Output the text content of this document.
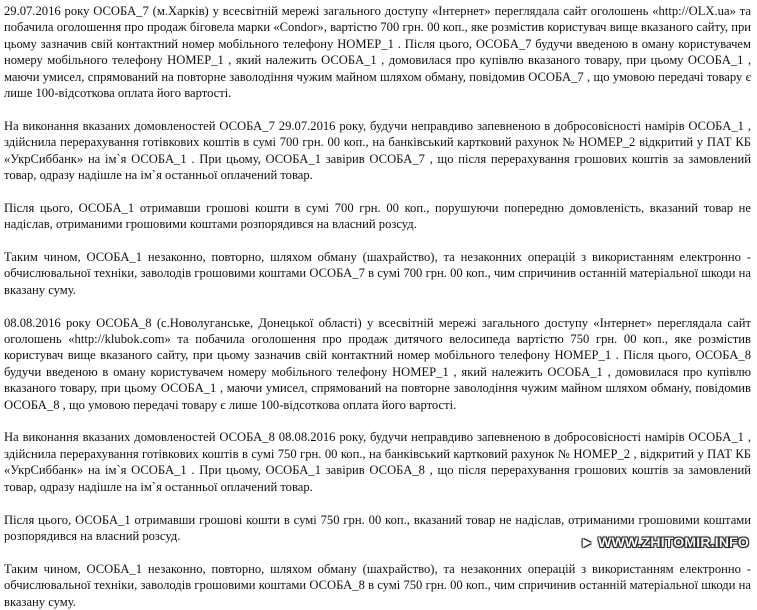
29.07.2016 року ОСОБА_7 (м.Харків) у всесвітній мережі загального доступу «Інтернет» переглядала сайт оголошень «http://OLX.ua» та побачила оголошення про продаж біговела марки «Condor», вартістю 700 грн. 00 коп., яке розмістив користувач вище вказаного сайту, при цьому зазначив свій контактний номер мобільного телефону НОМЕР_1 . Після цього, ОСОБА_7 будучи введеною в оману користувачем номеру мобільного телефону НОМЕР_1 , який належить ОСОБА_1 , домовилася про купівлю вказаного товару, при цьому ОСОБА_1 , маючи умисел, спрямований на повторне заволодіння чужим майном шляхом обману, повідомив ОСОБА_7 , що умовою передачі товару є лише 100-відсоткова оплата його вартості.

На виконання вказаних домовленостей ОСОБА_7 29.07.2016 року, будучи неправдиво запевненою в добросовісності намірів ОСОБА_1 , здійснила перерахування готівкових коштів в сумі 700 грн. 00 коп., на банківський картковий рахунок № НОМЕР_2 відкритий у ПАТ КБ «УкрСиббанк» на ім`я ОСОБА_1 . При цьому, ОСОБА_1 завірив ОСОБА_7 , що після перерахування грошових коштів за замовлений товар, одразу надішле на ім`я останньої оплачений товар.

Після цього, ОСОБА_1 отримавши грошові кошти в сумі 700 грн. 00 коп., порушуючи попередню домовленість, вказаний товар не надіслав, отриманими грошовими коштами розпорядився на власний розсуд.

Таким чином, ОСОБА_1 незаконно, повторно, шляхом обману (шахрайство), та незаконних операцій з використанням електронно - обчислювальної техніки, заволодів грошовими коштами ОСОБА_7 в сумі 700 грн. 00 коп., чим спричинив останній матеріальної шкоди на вказану суму.

08.08.2016 року ОСОБА_8 (с.Новолуганське, Донецької області) у всесвітній мережі загального доступу «Інтернет» переглядала сайт оголошень «http://klubok.com» та побачила оголошення про продаж дитячого велосипеда вартістю 750 грн. 00 коп., яке розмістив користувач вище вказаного сайту, при цьому зазначив свій контактний номер мобільного телефону НОМЕР_1 . Після цього, ОСОБА_8 будучи введеною в оману користувачем номеру мобільного телефону НОМЕР_1 , який належить ОСОБА_1 , домовилася про купівлю вказаного товару, при цьому ОСОБА_1 , маючи умисел, спрямований на повторне заволодіння чужим майном шляхом обману, повідомив ОСОБА_8 , що умовою передачі товару є лише 100-відсоткова оплата його вартості.

На виконання вказаних домовленостей ОСОБА_8 08.08.2016 року, будучи неправдиво запевненою в добросовісності намірів ОСОБА_1 , здійснила перерахування готівкових коштів в сумі 750 грн. 00 коп., на банківський картковий рахунок № НОМЕР_2 , відкритий у ПАТ КБ «УкрСиббанк» на ім`я ОСОБА_1 . При цьому, ОСОБА_1 завірив ОСОБА_8 , що після перерахування грошових коштів за замовлений товар, одразу надішле на ім`я останньої оплачений товар.

Після цього, ОСОБА_1 отримавши грошові кошти в сумі 750 грн. 00 коп., вказаний товар не надіслав, отриманими грошовими коштами розпорядився на власний розсуд.

Таким чином, ОСОБА_1 незаконно, повторно, шляхом обману (шахрайство), та незаконних операцій з використанням електронно - обчислювальної техніки, заволодів грошовими коштами ОСОБА_8 в сумі 750 грн. 00 коп., чим спричинив останній матеріальної шкоди на вказану суму.

► WWW.ZHITOMIR.INFO
